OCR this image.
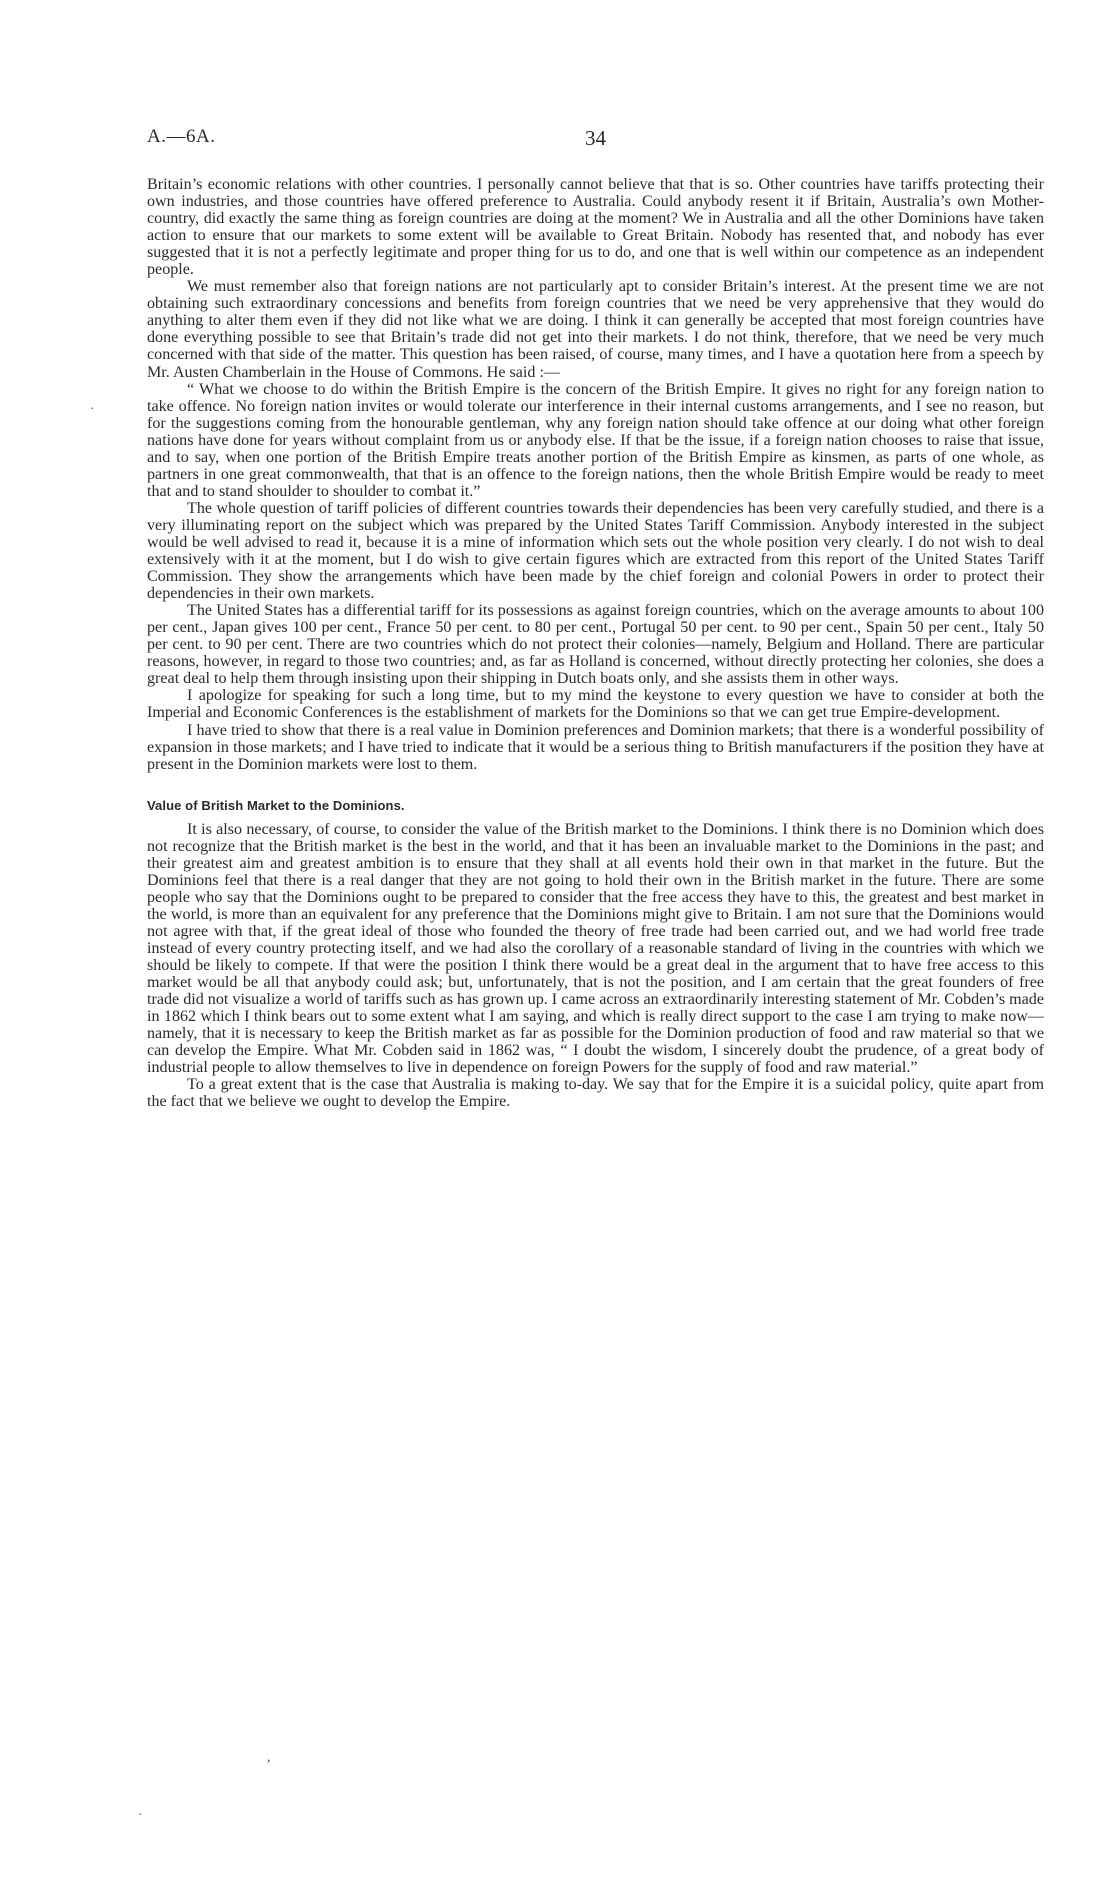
A.—6A.	34

Britain’s economic relations with other countries. I personally cannot believe that that is so. Other countries have tariffs protecting their own industries, and those countries have offered preference to Australia. Could anybody resent it if Britain, Australia’s own Mother-country, did exactly the same thing as foreign countries are doing at the moment? We in Australia and all the other Dominions have taken action to ensure that our markets to some extent will be available to Great Britain. Nobody has resented that, and nobody has ever suggested that it is not a perfectly legitimate and proper thing for us to do, and one that is well within our competence as an independent people.

We must remember also that foreign nations are not particularly apt to consider Britain’s interest. At the present time we are not obtaining such extraordinary concessions and benefits from foreign countries that we need be very apprehensive that they would do anything to alter them even if they did not like what we are doing. I think it can generally be accepted that most foreign countries have done everything possible to see that Britain’s trade did not get into their markets. I do not think, therefore, that we need be very much concerned with that side of the matter. This question has been raised, of course, many times, and I have a quotation here from a speech by Mr. Austen Chamberlain in the House of Commons. He said :—

“ What we choose to do within the British Empire is the concern of the British Empire. It gives no right for any foreign nation to take offence. No foreign nation invites or would tolerate our interference in their internal customs arrangements, and I see no reason, but for the suggestions coming from the honourable gentleman, why any foreign nation should take offence at our doing what other foreign nations have done for years without complaint from us or anybody else. If that be the issue, if a foreign nation chooses to raise that issue, and to say, when one portion of the British Empire treats another portion of the British Empire as kinsmen, as parts of one whole, as partners in one great commonwealth, that that is an offence to the foreign nations, then the whole British Empire would be ready to meet that and to stand shoulder to shoulder to combat it.”

The whole question of tariff policies of different countries towards their dependencies has been very carefully studied, and there is a very illuminating report on the subject which was prepared by the United States Tariff Commission. Anybody interested in the subject would be well advised to read it, because it is a mine of information which sets out the whole position very clearly. I do not wish to deal extensively with it at the moment, but I do wish to give certain figures which are extracted from this report of the United States Tariff Commission. They show the arrangements which have been made by the chief foreign and colonial Powers in order to protect their dependencies in their own markets.

The United States has a differential tariff for its possessions as against foreign countries, which on the average amounts to about 100 per cent., Japan gives 100 per cent., France 50 per cent. to 80 per cent., Portugal 50 per cent. to 90 per cent., Spain 50 per cent., Italy 50 per cent. to 90 per cent. There are two countries which do not protect their colonies—namely, Belgium and Holland. There are particular reasons, however, in regard to those two countries; and, as far as Holland is concerned, without directly protecting her colonies, she does a great deal to help them through insisting upon their shipping in Dutch boats only, and she assists them in other ways.

I apologize for speaking for such a long time, but to my mind the keystone to every question we have to consider at both the Imperial and Economic Conferences is the establishment of markets for the Dominions so that we can get true Empire-development.

I have tried to show that there is a real value in Dominion preferences and Dominion markets; that there is a wonderful possibility of expansion in those markets; and I have tried to indicate that it would be a serious thing to British manufacturers if the position they have at present in the Dominion markets were lost to them.

Value of British Market to the Dominions.

It is also necessary, of course, to consider the value of the British market to the Dominions. I think there is no Dominion which does not recognize that the British market is the best in the world, and that it has been an invaluable market to the Dominions in the past; and their greatest aim and greatest ambition is to ensure that they shall at all events hold their own in that market in the future. But the Dominions feel that there is a real danger that they are not going to hold their own in the British market in the future. There are some people who say that the Dominions ought to be prepared to consider that the free access they have to this, the greatest and best market in the world, is more than an equivalent for any preference that the Dominions might give to Britain. I am not sure that the Dominions would not agree with that, if the great ideal of those who founded the theory of free trade had been carried out, and we had world free trade instead of every country protecting itself, and we had also the corollary of a reasonable standard of living in the countries with which we should be likely to compete. If that were the position I think there would be a great deal in the argument that to have free access to this market would be all that anybody could ask; but, unfortunately, that is not the position, and I am certain that the great founders of free trade did not visualize a world of tariffs such as has grown up. I came across an extraordinarily interesting statement of Mr. Cobden’s made in 1862 which I think bears out to some extent what I am saying, and which is really direct support to the case I am trying to make now—namely, that it is necessary to keep the British market as far as possible for the Dominion production of food and raw material so that we can develop the Empire. What Mr. Cobden said in 1862 was, “ I doubt the wisdom, I sincerely doubt the prudence, of a great body of industrial people to allow themselves to live in dependence on foreign Powers for the supply of food and raw material.”

To a great extent that is the case that Australia is making to-day. We say that for the Empire it is a suicidal policy, quite apart from the fact that we believe we ought to develop the Empire.

·
,
·
